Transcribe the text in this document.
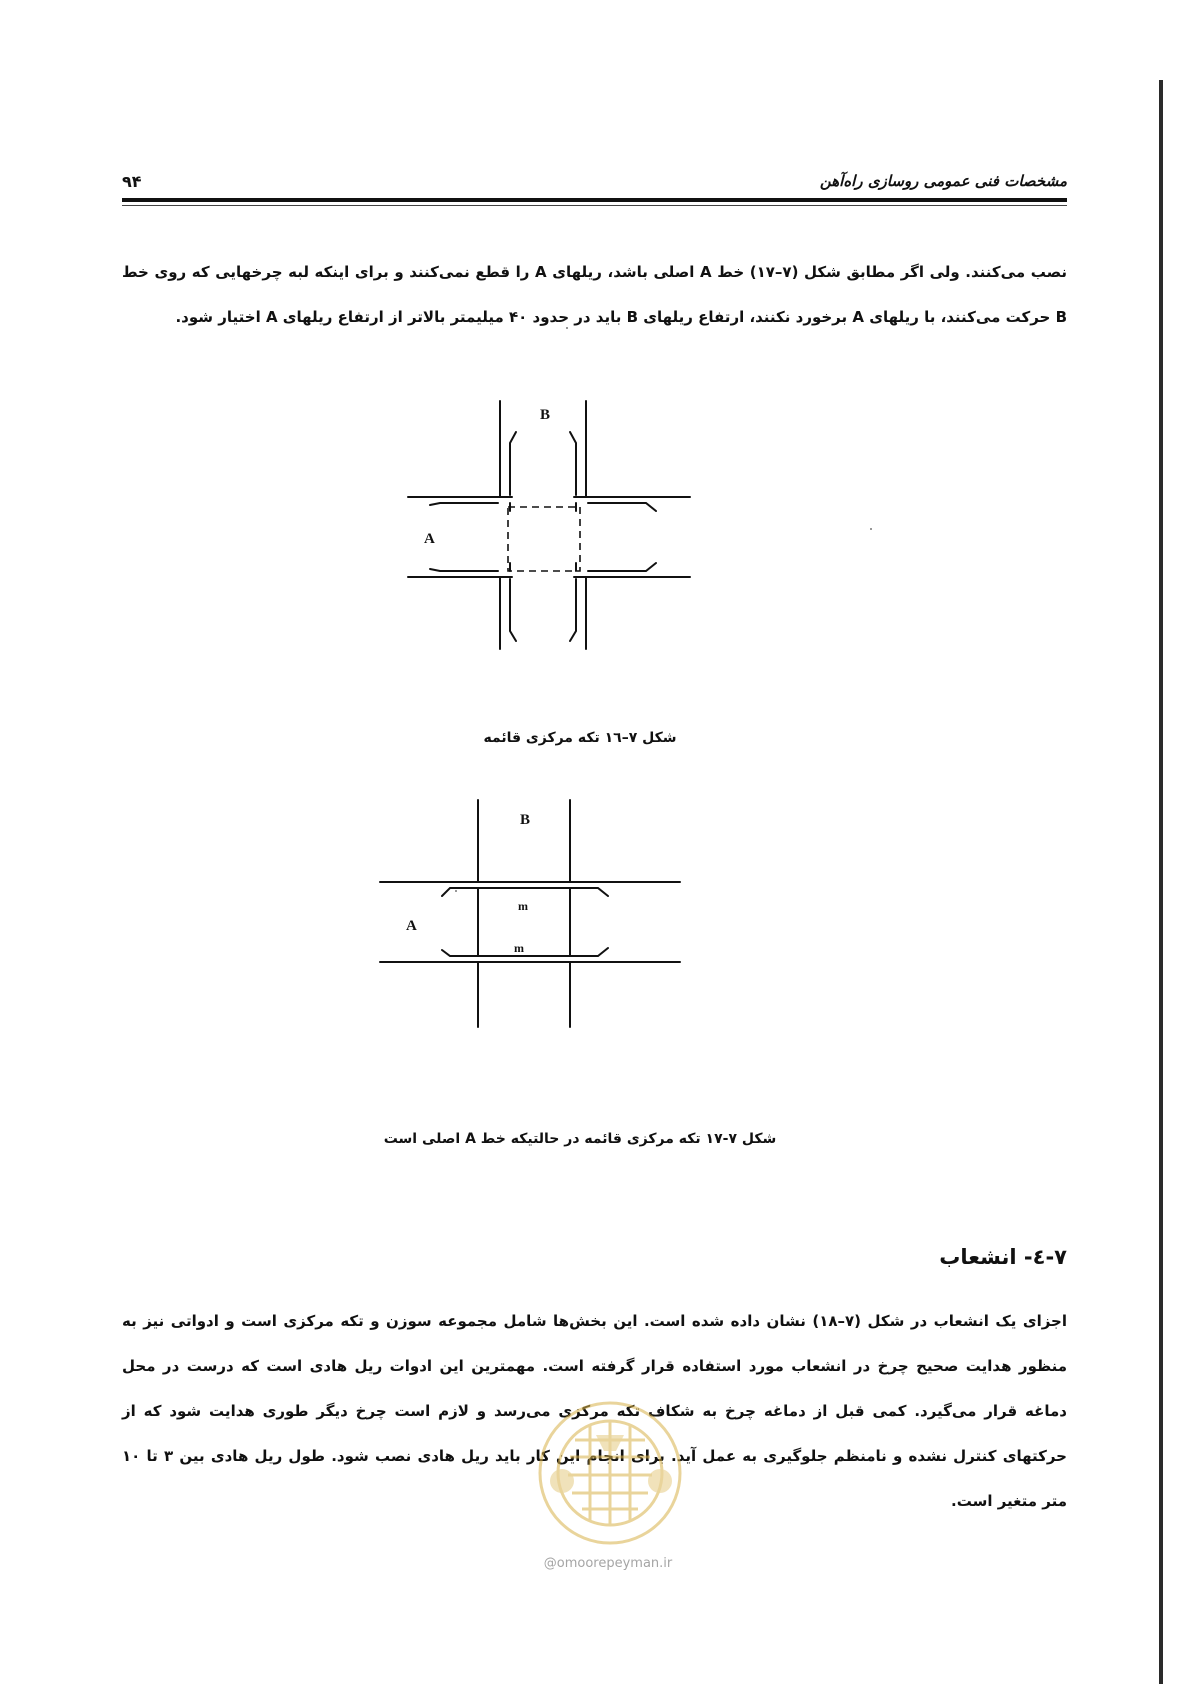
مشخصات فنی عمومی روسازی راه‌آهن
۹۴
نصب می‌کنند. ولی اگر مطابق شکل (۷–۱۷) خط A اصلی باشد، ریلهای A را قطع نمی‌کنند و برای اینکه لبه چرخهایی که روی خط B حرکت می‌کنند، با ریلهای A برخورد نکنند، ارتفاع ریلهای B باید در حدود ۴۰ میلیمتر بالاتر از ارتفاع ریلهای A اختیار شود.
B
A
شکل ۷–۱٦ تکه مرکزی قائمه
B
A
m
m
شکل ۷-۱۷ تکه مرکزی قائمه در حالتیکه خط A اصلی است
۷-٤- انشعاب
اجزای یک انشعاب در شکل (۷–۱۸) نشان داده شده است. این بخش‌ها شامل مجموعه سوزن و تکه مرکزی است و ادواتی نیز به منظور هدایت صحیح چرخ در انشعاب مورد استفاده قرار گرفته است. مهمترین این ادوات ریل هادی است که درست در محل دماغه قرار می‌گیرد. کمی قبل از دماغه چرخ به شکاف تکه مرکزی می‌رسد و لازم است چرخ دیگر طوری هدایت شود که از حرکتهای کنترل نشده و نامنظم جلوگیری به عمل آید. برای انجام این کار باید ریل هادی نصب شود. طول ریل هادی بین ۳ تا ۱۰ متر متغیر است.
@omoorepeyman.ir
